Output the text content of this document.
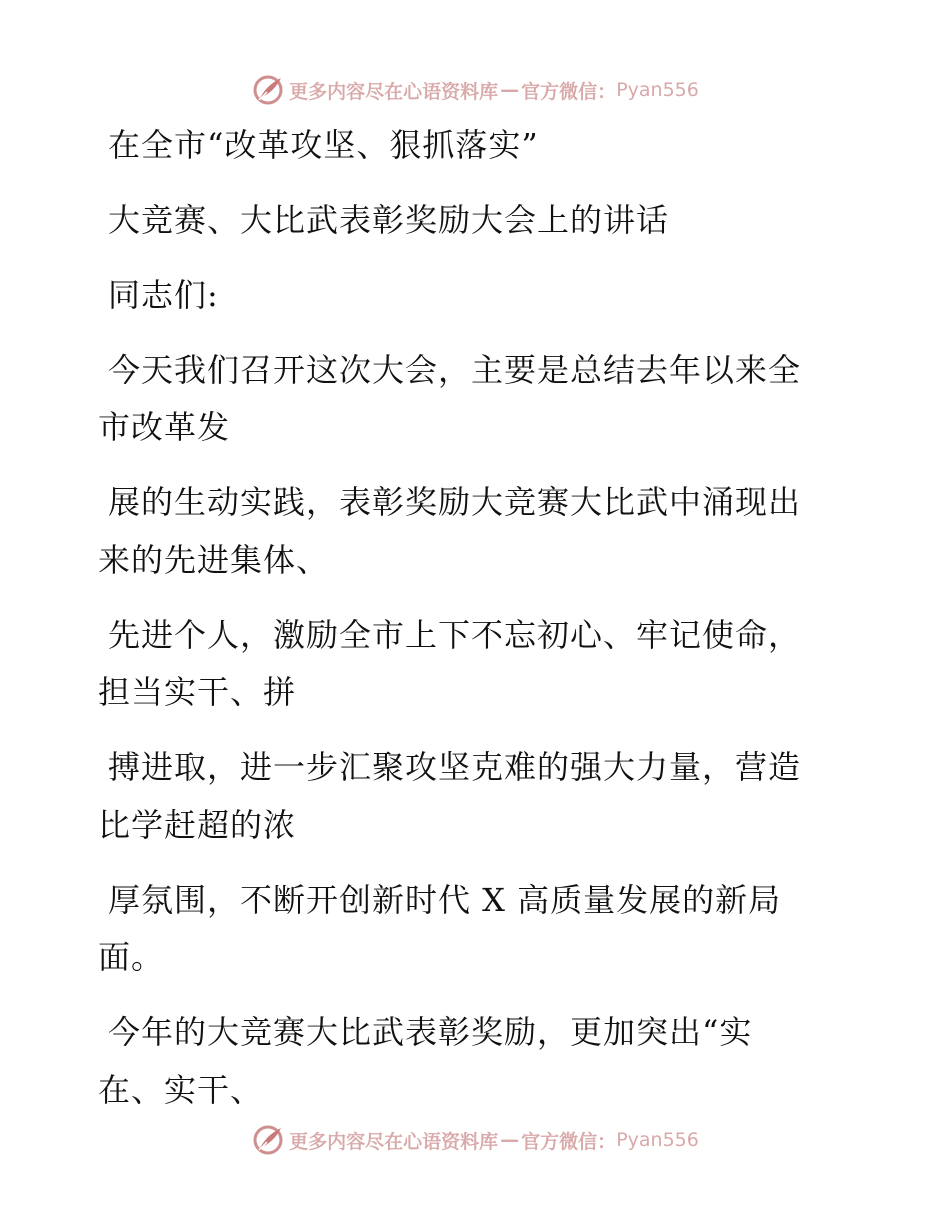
更多内容尽在心语资料库 — 官方微信： Pyan556
在全市“改革攻坚、狠抓落实”
大竞赛、大比武表彰奖励大会上的讲话
同志们:
今天我们召开这次大会，主要是总结去年以来全
市改革发
展的生动实践，表彰奖励大竞赛大比武中涌现出
来的先进集体、
先进个人，激励全市上下不忘初心、牢记使命，
担当实干、拼
搏进取，进一步汇聚攻坚克难的强大力量，营造
比学赶超的浓
厚氛围，不断开创新时代 X 高质量发展的新局
面。
今年的大竞赛大比武表彰奖励，更加突出“实
在、实干、
更多内容尽在心语资料库 — 官方微信： Pyan556
